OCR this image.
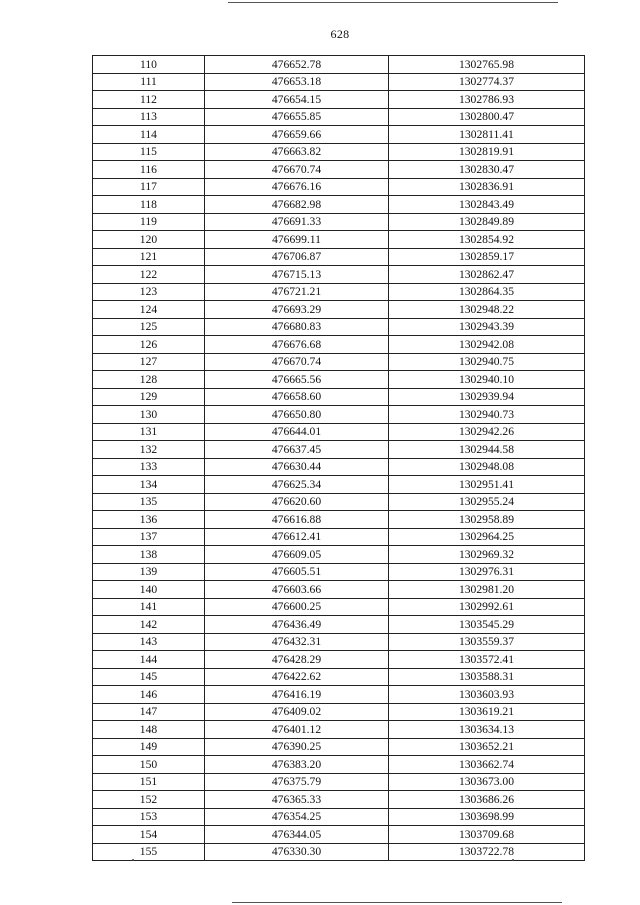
628
110	476652.78	1302765.98
111	476653.18	1302774.37
112	476654.15	1302786.93
113	476655.85	1302800.47
114	476659.66	1302811.41
115	476663.82	1302819.91
116	476670.74	1302830.47
117	476676.16	1302836.91
118	476682.98	1302843.49
119	476691.33	1302849.89
120	476699.11	1302854.92
121	476706.87	1302859.17
122	476715.13	1302862.47
123	476721.21	1302864.35
124	476693.29	1302948.22
125	476680.83	1302943.39
126	476676.68	1302942.08
127	476670.74	1302940.75
128	476665.56	1302940.10
129	476658.60	1302939.94
130	476650.80	1302940.73
131	476644.01	1302942.26
132	476637.45	1302944.58
133	476630.44	1302948.08
134	476625.34	1302951.41
135	476620.60	1302955.24
136	476616.88	1302958.89
137	476612.41	1302964.25
138	476609.05	1302969.32
139	476605.51	1302976.31
140	476603.66	1302981.20
141	476600.25	1302992.61
142	476436.49	1303545.29
143	476432.31	1303559.37
144	476428.29	1303572.41
145	476422.62	1303588.31
146	476416.19	1303603.93
147	476409.02	1303619.21
148	476401.12	1303634.13
149	476390.25	1303652.21
150	476383.20	1303662.74
151	476375.79	1303673.00
152	476365.33	1303686.26
153	476354.25	1303698.99
154	476344.05	1303709.68
155	476330.30	1303722.78
